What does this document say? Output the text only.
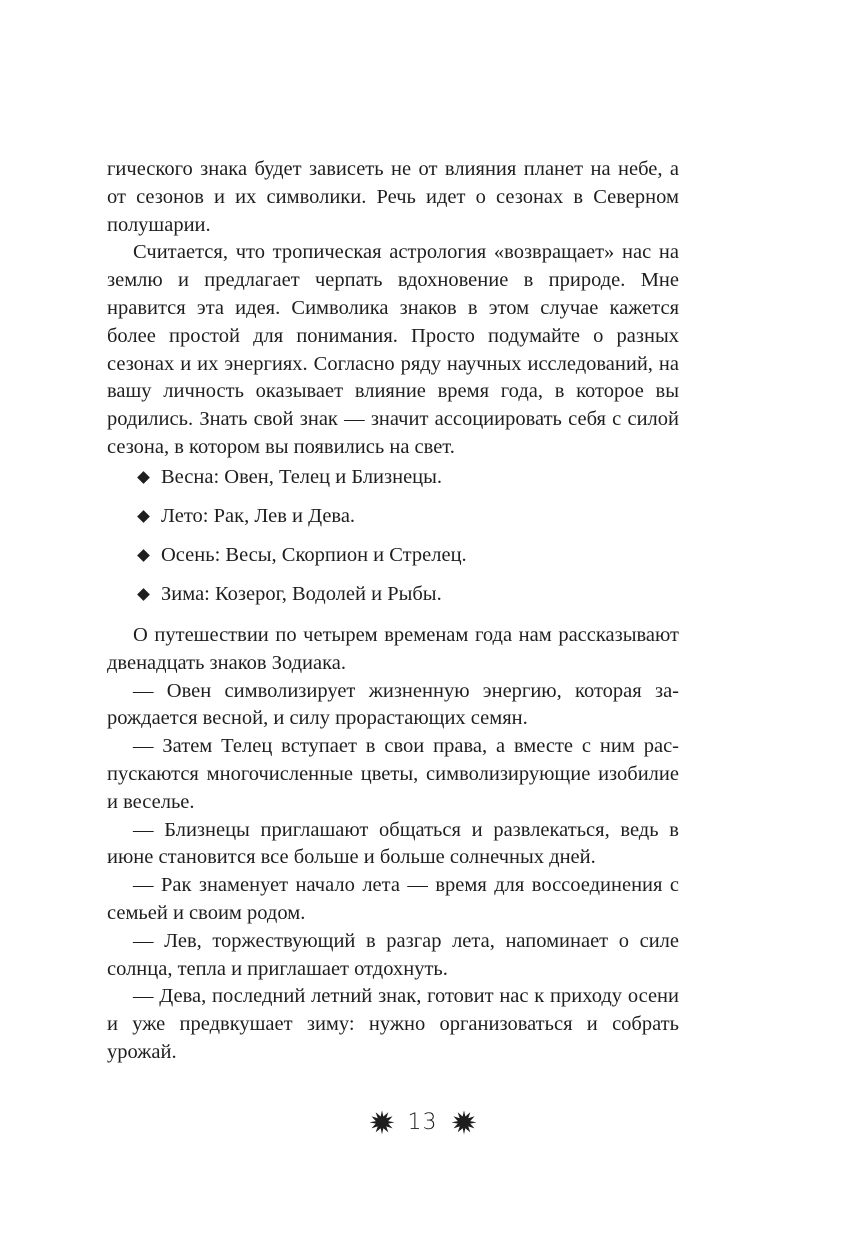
гического знака будет зависеть не от влияния планет на небе, а от сезонов и их символики. Речь идет о сезонах в Северном полушарии.

Считается, что тропическая астрология «возвращает» нас на землю и предлагает черпать вдохновение в природе. Мне нравится эта идея. Символика знаков в этом случае кажется более простой для понимания. Просто подумайте о разных сезонах и их энергиях. Согласно ряду научных исследований, на вашу личность оказывает влияние время года, в которое вы родились. Знать свой знак — значит ассоциировать себя с силой сезона, в котором вы появились на свет.

Весна: Овен, Телец и Близнецы.
Лето: Рак, Лев и Дева.
Осень: Весы, Скорпион и Стрелец.
Зима: Козерог, Водолей и Рыбы.

О путешествии по четырем временам года нам рассказывают двенадцать знаков Зодиака.

— Овен символизирует жизненную энергию, которая зарождается весной, и силу прорастающих семян.

— Затем Телец вступает в свои права, а вместе с ним распускаются многочисленные цветы, символизирующие изобилие и веселье.

— Близнецы приглашают общаться и развлекаться, ведь в июне становится все больше и больше солнечных дней.

— Рак знаменует начало лета — время для воссоединения с семьей и своим родом.

— Лев, торжествующий в разгар лета, напоминает о силе солнца, тепла и приглашает отдохнуть.

— Дева, последний летний знак, готовит нас к приходу осени и уже предвкушает зиму: нужно организоваться и собрать урожай.

13
